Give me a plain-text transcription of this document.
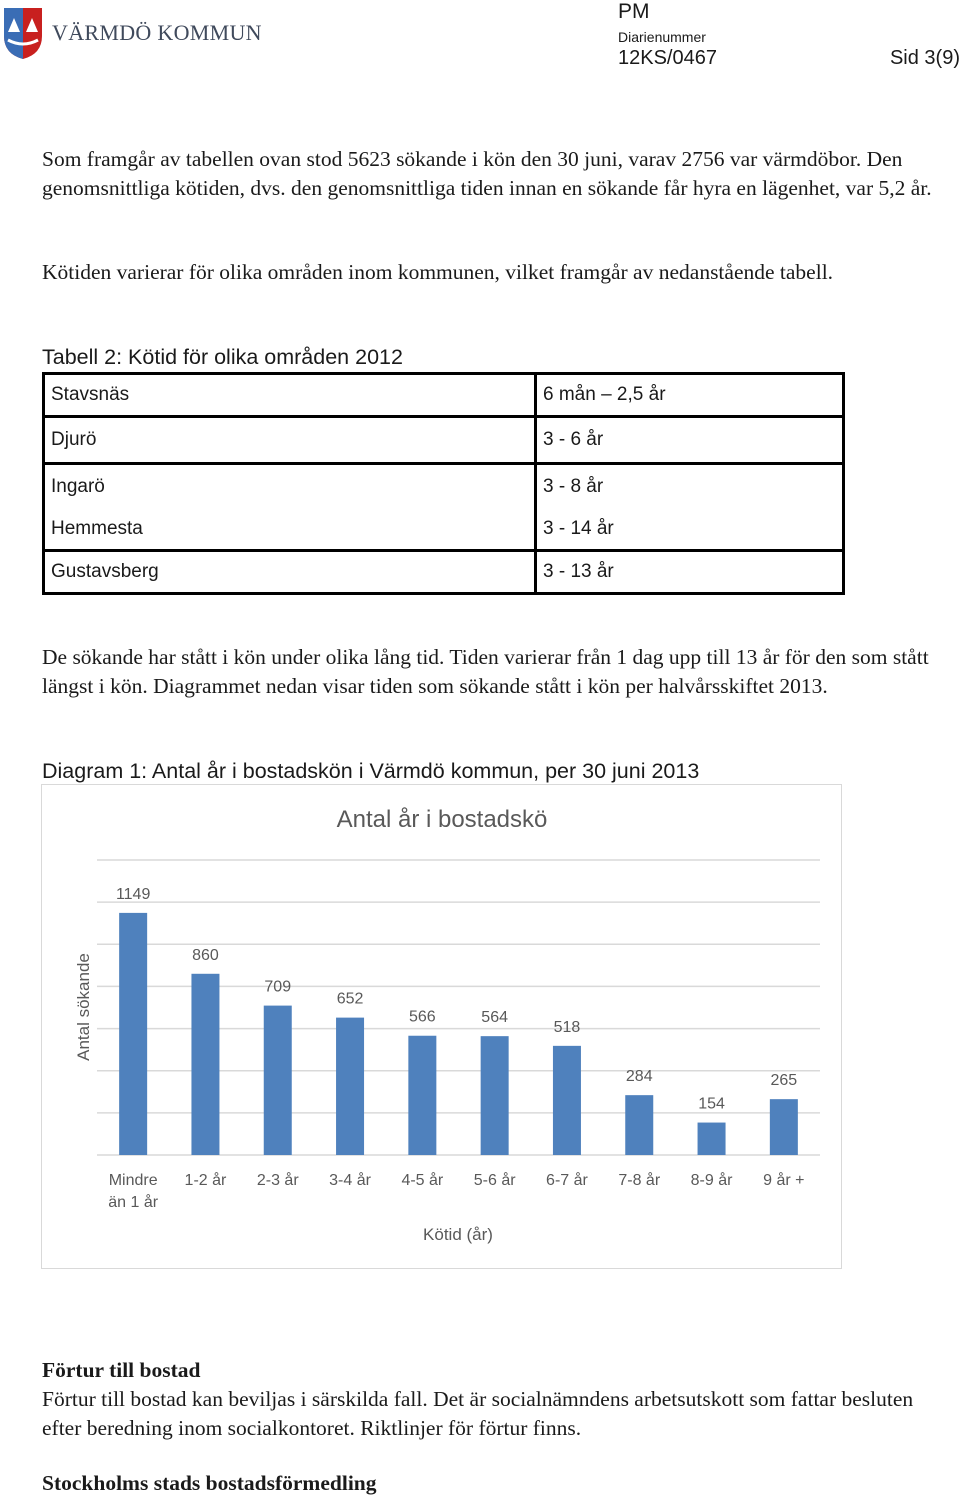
VÄRMDÖ KOMMUN
PM
Diarienummer
12KS/0467	Sid 3(9)

Som framgår av tabellen ovan stod 5623 sökande i kön den 30 juni, varav 2756 var värmdöbor. Den genomsnittliga kötiden, dvs. den genomsnittliga tiden innan en sökande får hyra en lägenhet, var 5,2 år.

Kötiden varierar för olika områden inom kommunen, vilket framgår av nedanstående tabell.

Tabell 2: Kötid för olika områden 2012

Stavsnäs	6 mån – 2,5 år
Djurö	3 - 6 år
Ingarö	3 - 8 år
Hemmesta	3 - 14 år
Gustavsberg	3 - 13 år

De sökande har stått i kön under olika lång tid. Tiden varierar från 1 dag upp till 13 år för den som stått längst i kön. Diagrammet nedan visar tiden som sökande stått i kön per halvårsskiftet 2013.

Diagram 1: Antal år i bostadskön i Värmdö kommun, per 30 juni 2013

Antal år i bostadskö
Antal sökande
Kötid (år)
1149
Mindre
än 1 år
860
1-2 år
709
2-3 år
652
3-4 år
566
4-5 år
564
5-6 år
518
6-7 år
284
7-8 år
154
8-9 år
265
9 år +

Förtur till bostad

Förtur till bostad kan beviljas i särskilda fall. Det är socialnämndens arbetsutskott som fattar besluten efter beredning inom socialkontoret. Riktlinjer för förtur finns.

Stockholms stads bostadsförmedling
